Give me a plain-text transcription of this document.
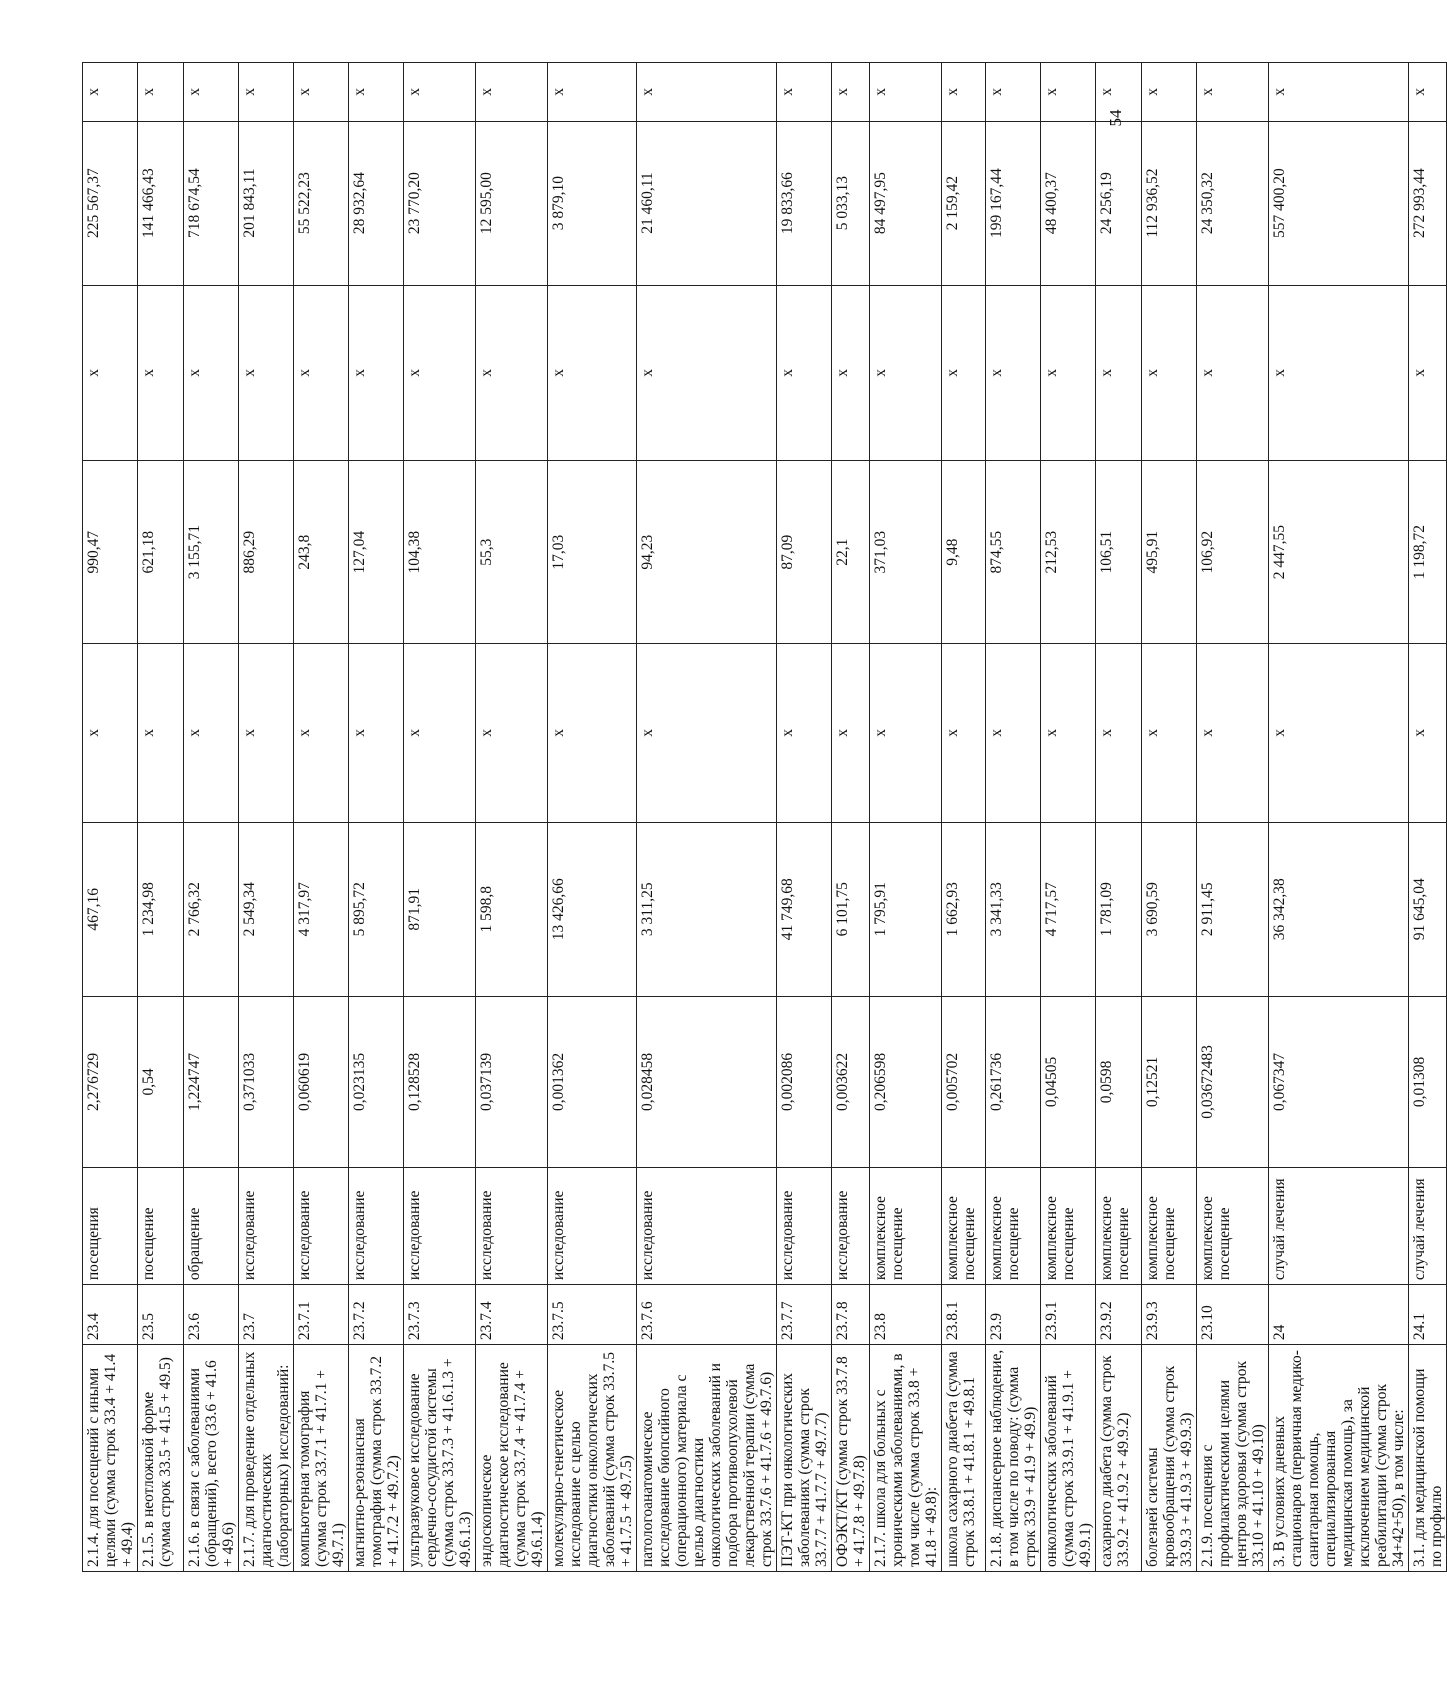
2.1.4. для посещений с иными целями (сумма строк 33.4 + 41.4 + 49.4)	23.4	посещения	2,276729	467,16	x	990,47	x	225 567,37	x
2.1.5. в неотложной форме (сумма строк 33.5 + 41.5 + 49.5)	23.5	посещение	0,54	1 234,98	x	621,18	x	141 466,43	x
2.1.6. в связи с заболеваниями (обращений), всего (33.6 + 41.6 + 49.6)	23.6	обращение	1,224747	2 766,32	x	3 155,71	x	718 674,54	x
2.1.7. для проведение отдельных диагностических (лабораторных) исследований:	23.7	исследование	0,371033	2 549,34	x	886,29	x	201 843,11	x
компьютерная томография (сумма строк 33.7.1 + 41.7.1 + 49.7.1)	23.7.1	исследование	0,060619	4 317,97	x	243,8	x	55 522,23	x
магнитно-резонансная томография (сумма строк 33.7.2 + 41.7.2 + 49.7.2)	23.7.2	исследование	0,023135	5 895,72	x	127,04	x	28 932,64	x
ультразвуковое исследование сердечно-сосудистой системы (сумма строк 33.7.3 + 41.6.1.3 + 49.6.1.3)	23.7.3	исследование	0,128528	871,91	x	104,38	x	23 770,20	x
эндоскопическое диагностическое исследование (сумма строк 33.7.4 + 41.7.4 + 49.6.1.4)	23.7.4	исследование	0,037139	1 598,8	x	55,3	x	12 595,00	x
молекулярно-генетическое исследование с целью диагностики онкологических заболеваний (сумма строк 33.7.5 + 41.7.5 + 49.7.5)	23.7.5	исследование	0,001362	13 426,66	x	17,03	x	3 879,10	x
патологоанатомическое исследование биопсийного (операционного) материала с целью диагностики онкологических заболеваний и подбора противоопухолевой лекарственной терапии (сумма строк 33.7.6 + 41.7.6 + 49.7.6)	23.7.6	исследование	0,028458	3 311,25	x	94,23	x	21 460,11	x
ПЭТ-КТ при онкологических заболеваниях (сумма строк 33.7.7 + 41.7.7 + 49.7.7)	23.7.7	исследование	0,002086	41 749,68	x	87,09	x	19 833,66	x
ОФЭКТ/КТ (сумма строк 33.7.8 + 41.7.8 + 49.7.8)	23.7.8	исследование	0,003622	6 101,75	x	22,1	x	5 033,13	x
2.1.7. школа для больных с хроническими заболеваниями, в том числе (сумма строк 33.8 + 41.8 + 49.8):	23.8	комплексное посещение	0,206598	1 795,91	x	371,03	x	84 497,95	x
школа сахарного диабета (сумма строк 33.8.1 + 41.8.1 + 49.8.1	23.8.1	комплексное посещение	0,005702	1 662,93	x	9,48	x	2 159,42	x
2.1.8. диспансерное наблюдение, в том числе по поводу: (сумма строк 33.9 + 41.9 + 49.9)	23.9	комплексное посещение	0,261736	3 341,33	x	874,55	x	199 167,44	x
онкологических заболеваний (сумма строк 33.9.1 + 41.9.1 + 49.9.1)	23.9.1	комплексное посещение	0,04505	4 717,57	x	212,53	x	48 400,37	x
сахарного диабета (сумма строк 33.9.2 + 41.9.2 + 49.9.2)	23.9.2	комплексное посещение	0,0598	1 781,09	x	106,51	x	24 256,19	x
болезней системы кровообращения (сумма строк 33.9.3 + 41.9.3 + 49.9.3)	23.9.3	комплексное посещение	0,12521	3 690,59	x	495,91	x	112 936,52	x
2.1.9. посещения с профилактическими целями центров здоровья (сумма строк 33.10 + 41.10 + 49.10)	23.10	комплексное посещение	0,03672483	2 911,45	x	106,92	x	24 350,32	x
3. В условиях дневных стационаров (первичная медико-санитарная помощь, специализированная медицинская помощь), за исключением медицинской реабилитации (сумма строк 34+42+50), в том числе:	24	случай лечения	0,067347	36 342,38	x	2 447,55	x	557 400,20	x
3.1. для медицинской помощи по профилю	24.1	случай лечения	0,01308	91 645,04	x	1 198,72	x	272 993,44	x
54
